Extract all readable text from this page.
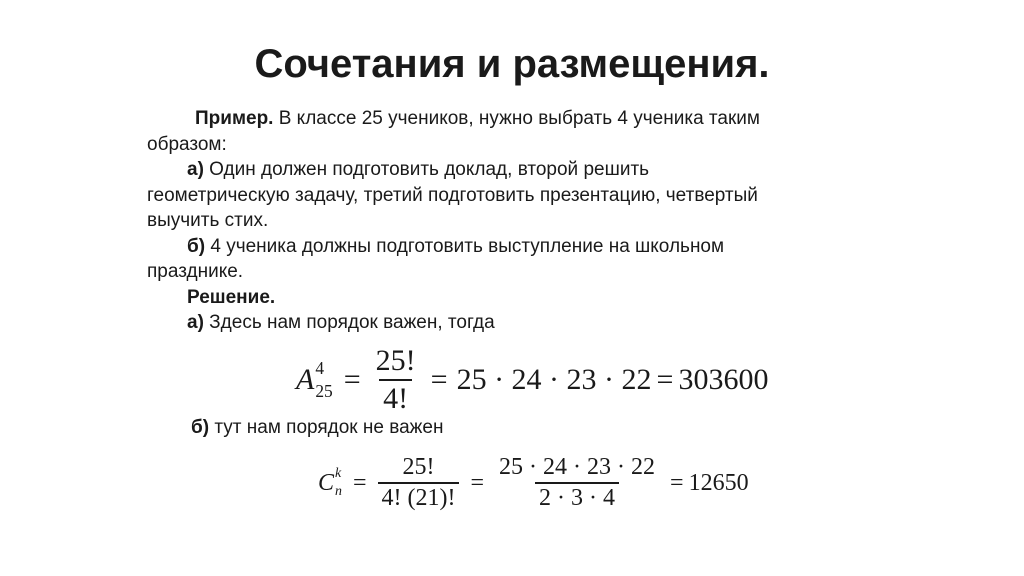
Сочетания и размещения.

Пример. В классе 25 учеников, нужно выбрать 4 ученика таким

образом:

а) Один должен подготовить доклад, второй решить

геометрическую задачу, третий подготовить презентацию, четвертый

выучить стих.

б) 4 ученика должны подготовить выступление на школьном

празднике.

Решение.

а) Здесь нам порядок важен, тогда

A 4
$25 = \frac{25!}{4!} = 25 \cdot 24 \cdot 23 \cdot 22 = 303600$
б) тут нам порядок не важен
C k
$n = \frac{25!}{4! (21)!} = \frac{25 \cdot 24 \cdot 23 \cdot 22}{2 \cdot 3 \cdot 4} = 12650$
